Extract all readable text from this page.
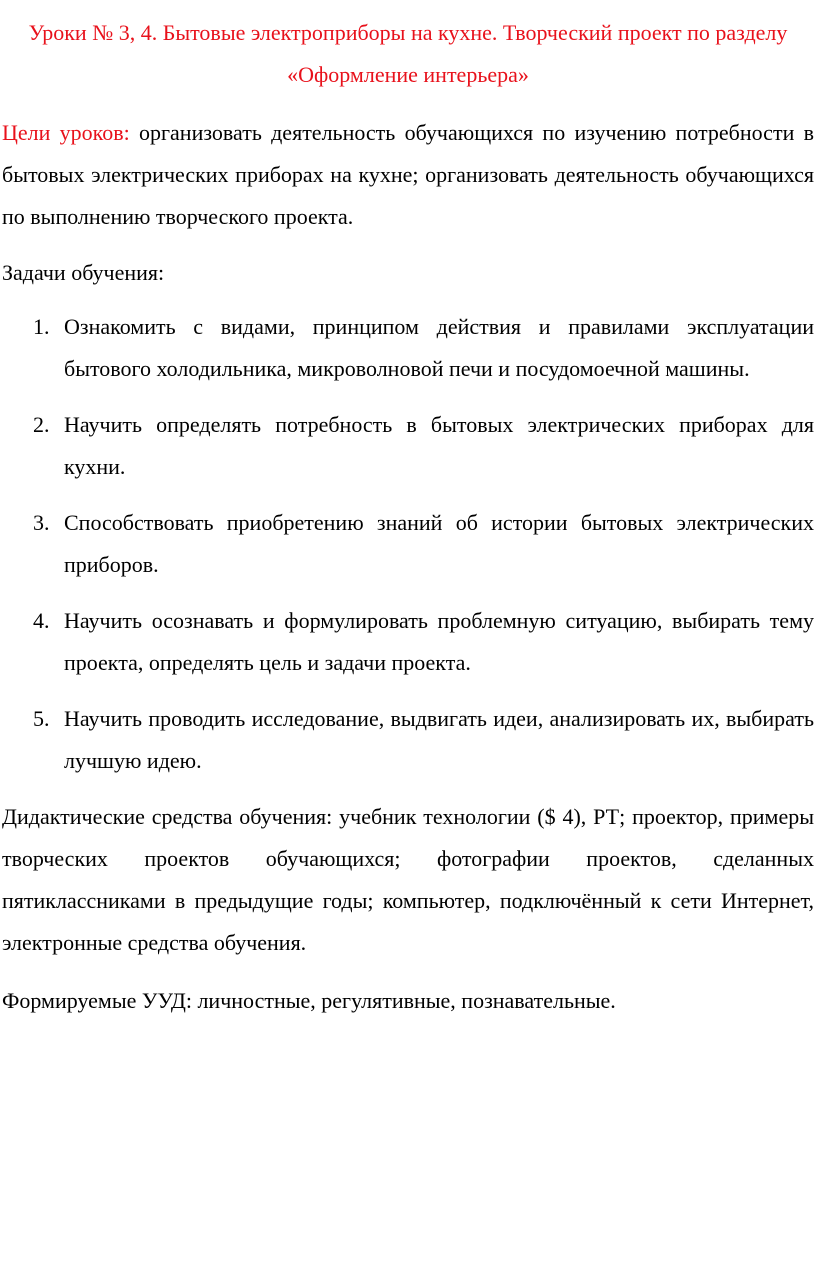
Уроки № 3, 4. Бытовые электроприборы на кухне. Творческий проект по разделу «Оформление интерьера»

Цели уроков: организовать деятельность обучающихся по изучению потребности в бытовых электрических приборах на кухне; организовать деятельность обучающихся по выполнению творческого проекта.

Задачи обучения:

1. Ознакомить с видами, принципом действия и правилами эксплуатации бытового холодильника, микроволновой печи и посудомоечной машины.
2. Научить определять потребность в бытовых электрических приборах для кухни.
3. Способствовать приобретению знаний об истории бытовых электрических приборов.
4. Научить осознавать и формулировать проблемную ситуацию, выбирать тему проекта, определять цель и задачи проекта.
5. Научить проводить исследование, выдвигать идеи, анализировать их, выбирать лучшую идею.

Дидактические средства обучения: учебник технологии ($ 4), РТ; проектор, примеры творческих проектов обучающихся; фотографии проектов, сделанных пятиклассниками в предыдущие годы; компьютер, подключённый к сети Интернет, электронные средства обучения.

Формируемые УУД: личностные, регулятивные, познавательные.
